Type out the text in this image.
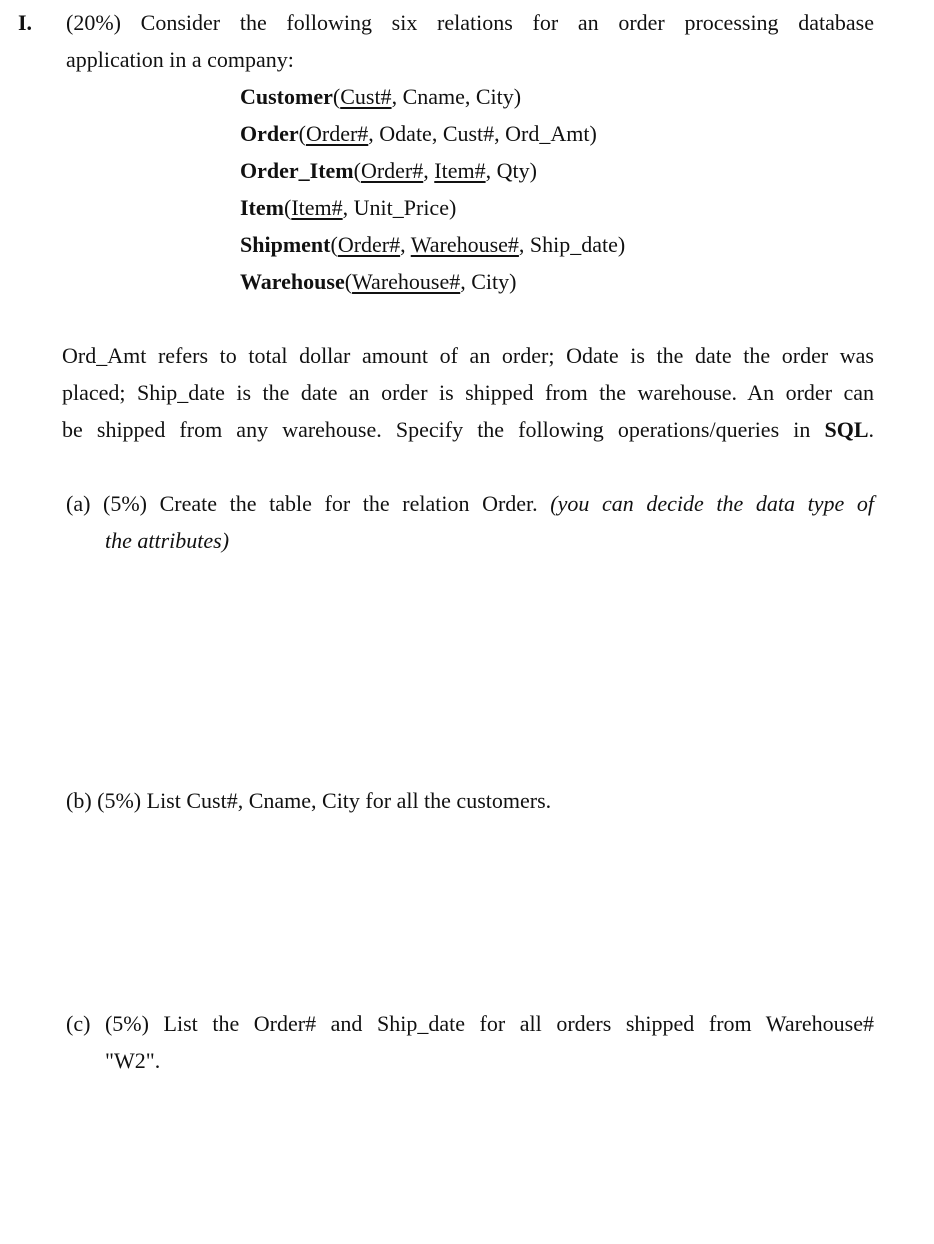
I. (20%) Consider the following six relations for an order processing database
application in a company:
Customer(Cust#, Cname, City)
Order(Order#, Odate, Cust#, Ord_Amt)
Order_Item(Order#, Item#, Qty)
Item(Item#, Unit_Price)
Shipment(Order#, Warehouse#, Ship_date)
Warehouse(Warehouse#, City)
Ord_Amt refers to total dollar amount of an order; Odate is the date the order was
placed; Ship_date is the date an order is shipped from the warehouse. An order can
be shipped from any warehouse. Specify the following operations/queries in SQL.
(a) (5%) Create the table for the relation Order. (you can decide the data type of
the attributes)
(b) (5%) List Cust#, Cname, City for all the customers.
(c) (5%) List the Order# and Ship_date for all orders shipped from Warehouse#
"W2".
